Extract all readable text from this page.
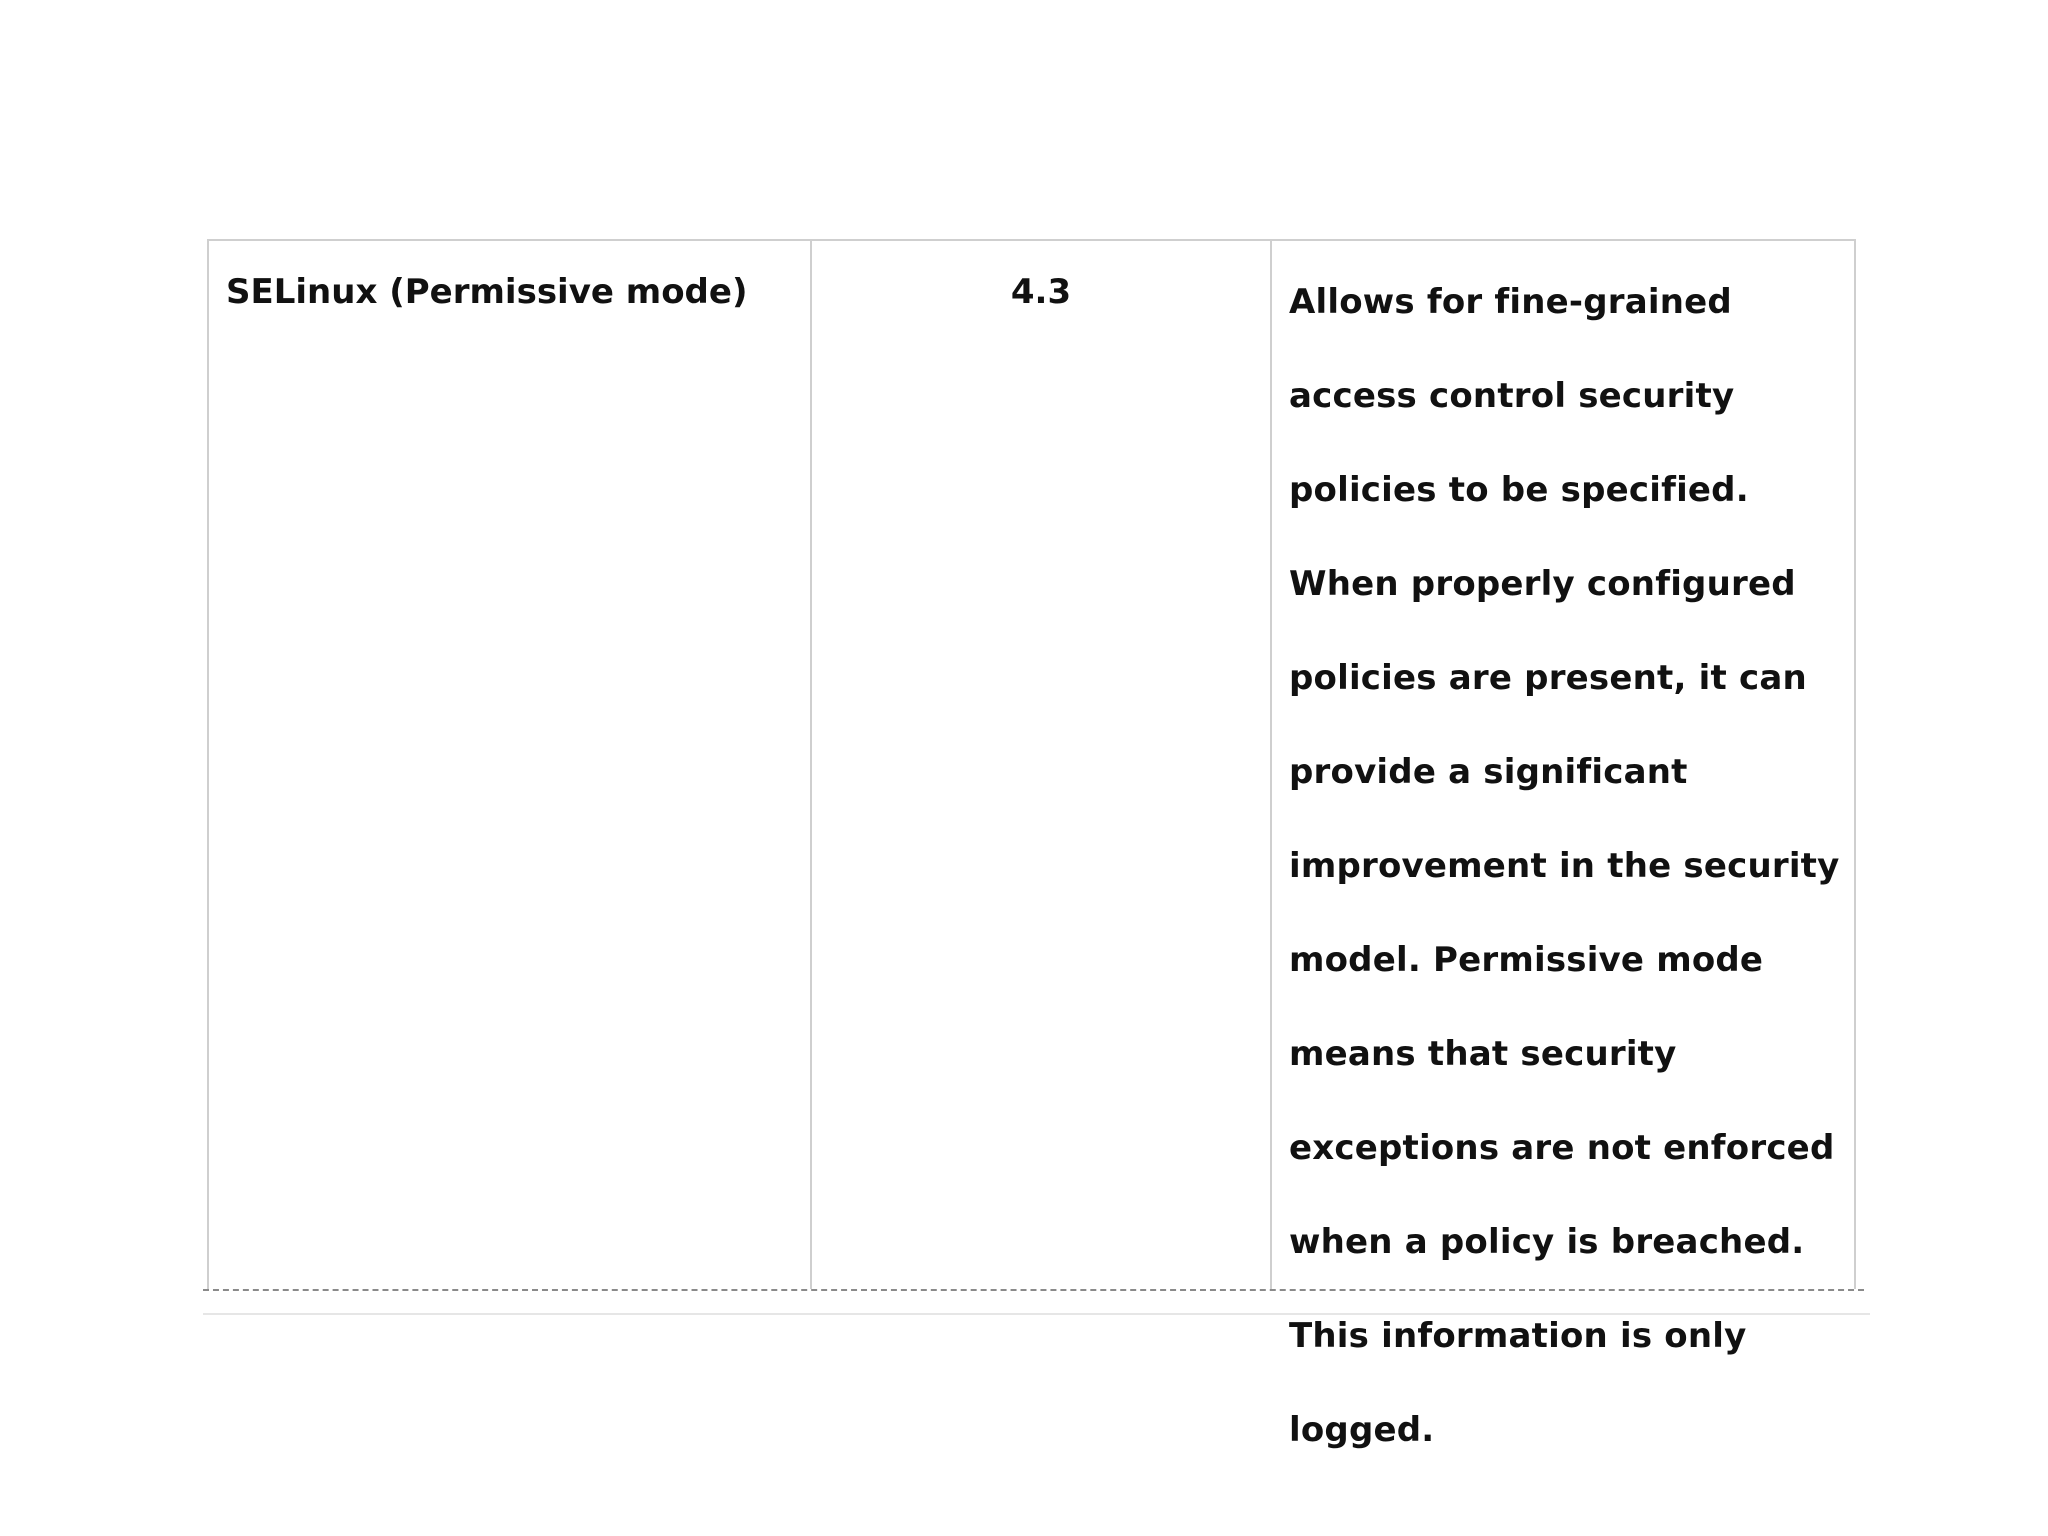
SELinux (Permissive mode)	4.3	Allows for fine-grained access control security policies to be specified. When properly configured policies are present, it can provide a significant improvement in the security model. Permissive mode means that security exceptions are not enforced when a policy is breached. This information is only logged.
